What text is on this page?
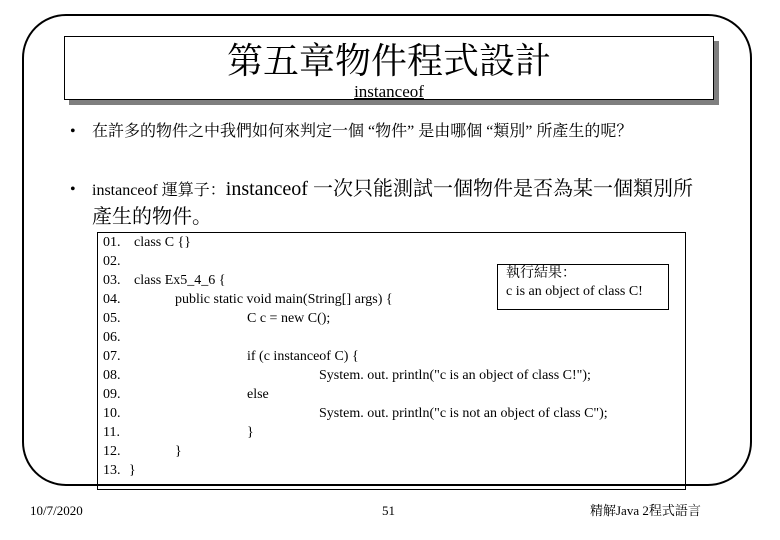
第五章物件程式設計
instanceof
• 在許多的物件之中我們如何來判定一個 “物件” 是由哪個 “類別” 所產生的呢？
• instanceof 運算子：instanceof 一次只能測試一個物件是否為某一個類別所產生的物件。
01. class C {}
02.
03. class Ex5_4_6 {
04.	public static void main(String[] args) {
05.	C c = new C();
06.
07.	if (c instanceof C) {
08.	System. out. println("c is an object of class C!");
09.	else
10.	System. out. println("c is not an object of class C");
11.	}
12.	}
13. }
執行結果：
c is an object of class C!
10/7/2020	51	精解Java 2程式語言
